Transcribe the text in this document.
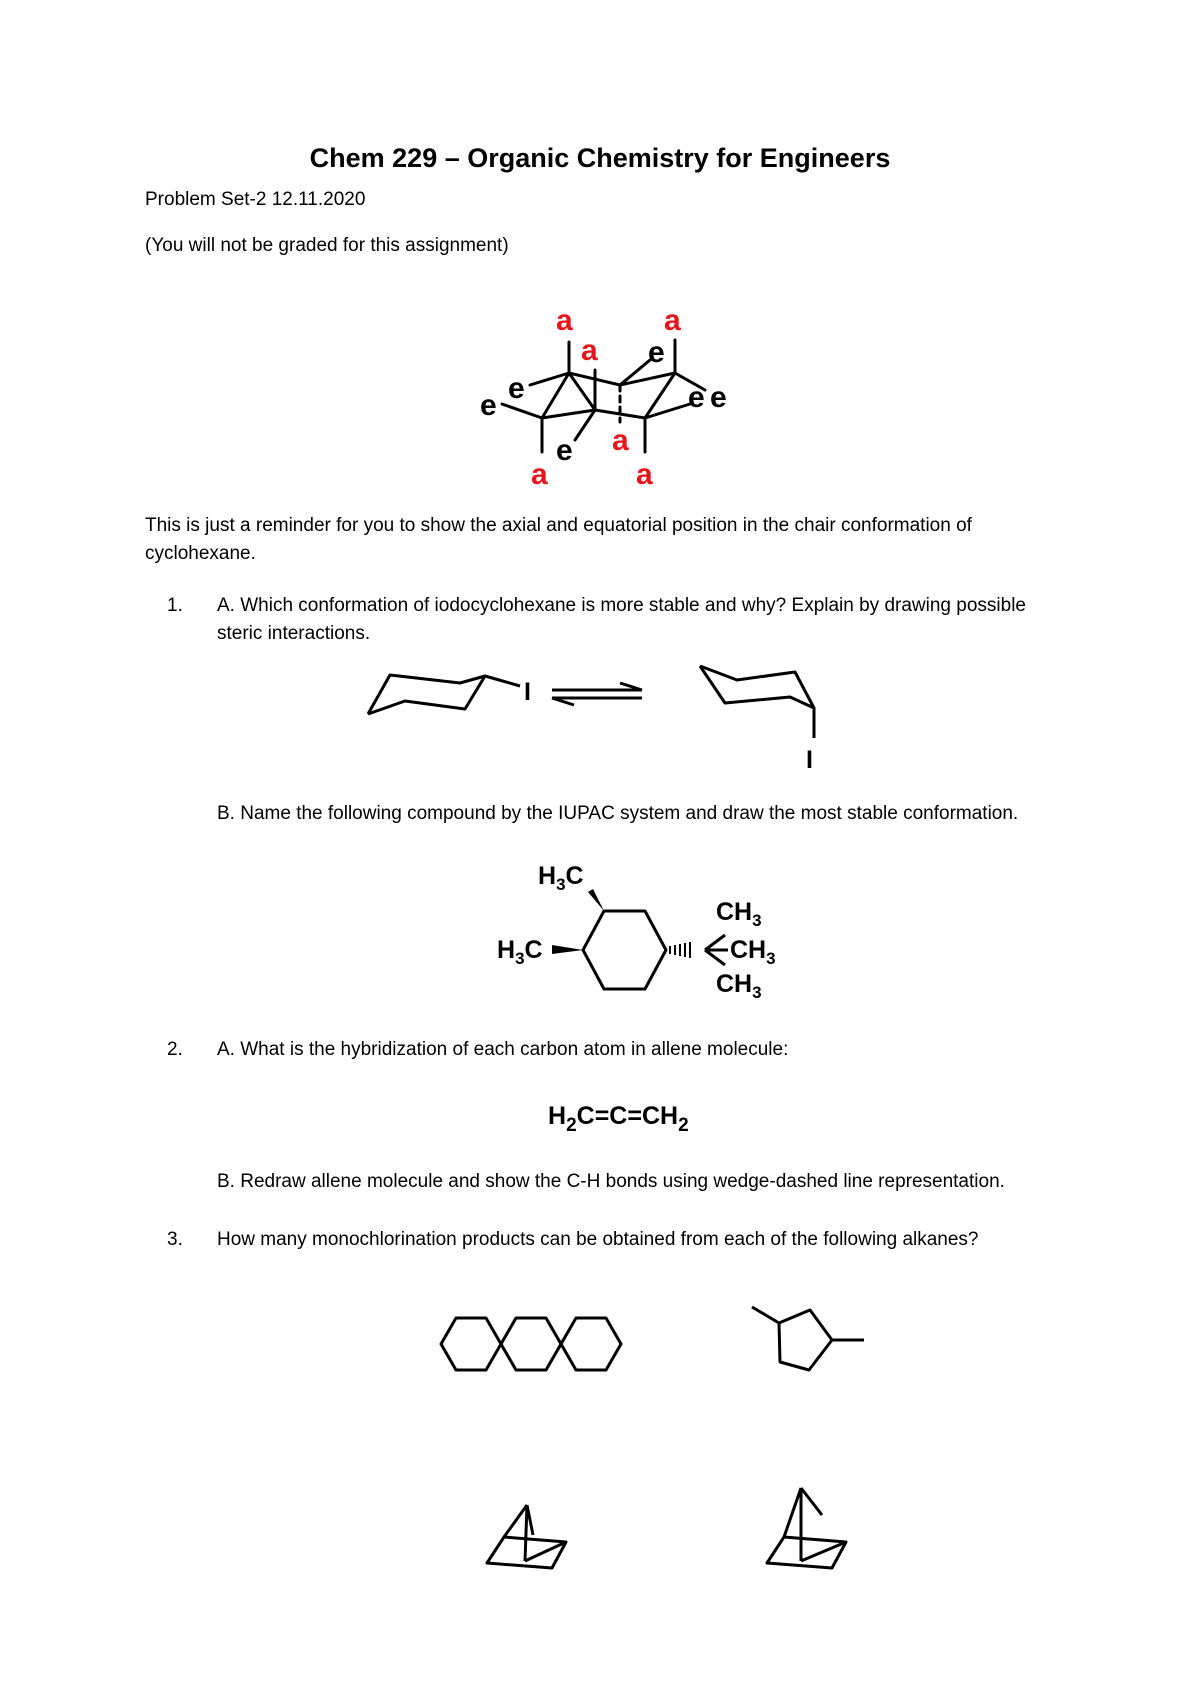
Chem 229 – Organic Chemistry for Engineers
Problem Set-2 12.11.2020
(You will not be graded for this assignment)
a
a
a
a
a	a
e
e
e
e
e e
This is just a reminder for you to show the axial and equatorial position in the chair conformation of cyclohexane.
1. A. Which conformation of iodocyclohexane is more stable and why? Explain by drawing possible steric interactions.
I
I
B. Name the following compound by the IUPAC system and draw the most stable conformation.
$H_3C$
$H_3C$
$CH_3$
$CH_3$
$CH_3$
2. A. What is the hybridization of each carbon atom in allene molecule:
$H_2C=C=CH_2$
B. Redraw allene molecule and show the C-H bonds using wedge-dashed line representation.
3. How many monochlorination products can be obtained from each of the following alkanes?
